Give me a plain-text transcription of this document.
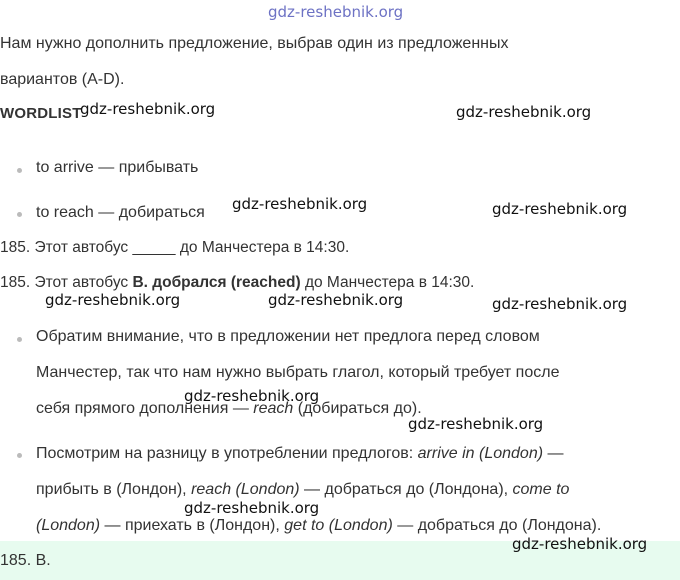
gdz-reshebnik.org
Нам нужно дополнить предложение, выбрав один из предложенных
вариантов (A-D).
WORDLIST
to arrive — прибывать
to reach — добираться
185. Этот автобус _____ до Манчестера в 14:30.
185. Этот автобус B. добрался (reached) до Манчестера в 14:30.
Обратим внимание, что в предложении нет предлога перед словом
Манчестер, так что нам нужно выбрать глагол, который требует после
себя прямого дополнения — reach (добираться до).
Посмотрим на разницу в употреблении предлогов: arrive in (London) —
прибыть в (Лондон), reach (London) — добраться до (Лондона), come to
(London) — приехать в (Лондон), get to (London) — добраться до (Лондона).
185. B.
gdz-reshebnik.org	gdz-reshebnik.org
gdz-reshebnik.org	gdz-reshebnik.org
gdz-reshebnik.org	gdz-reshebnik.org	gdz-reshebnik.org
gdz-reshebnik.org
gdz-reshebnik.org
gdz-reshebnik.org
gdz-reshebnik.org
